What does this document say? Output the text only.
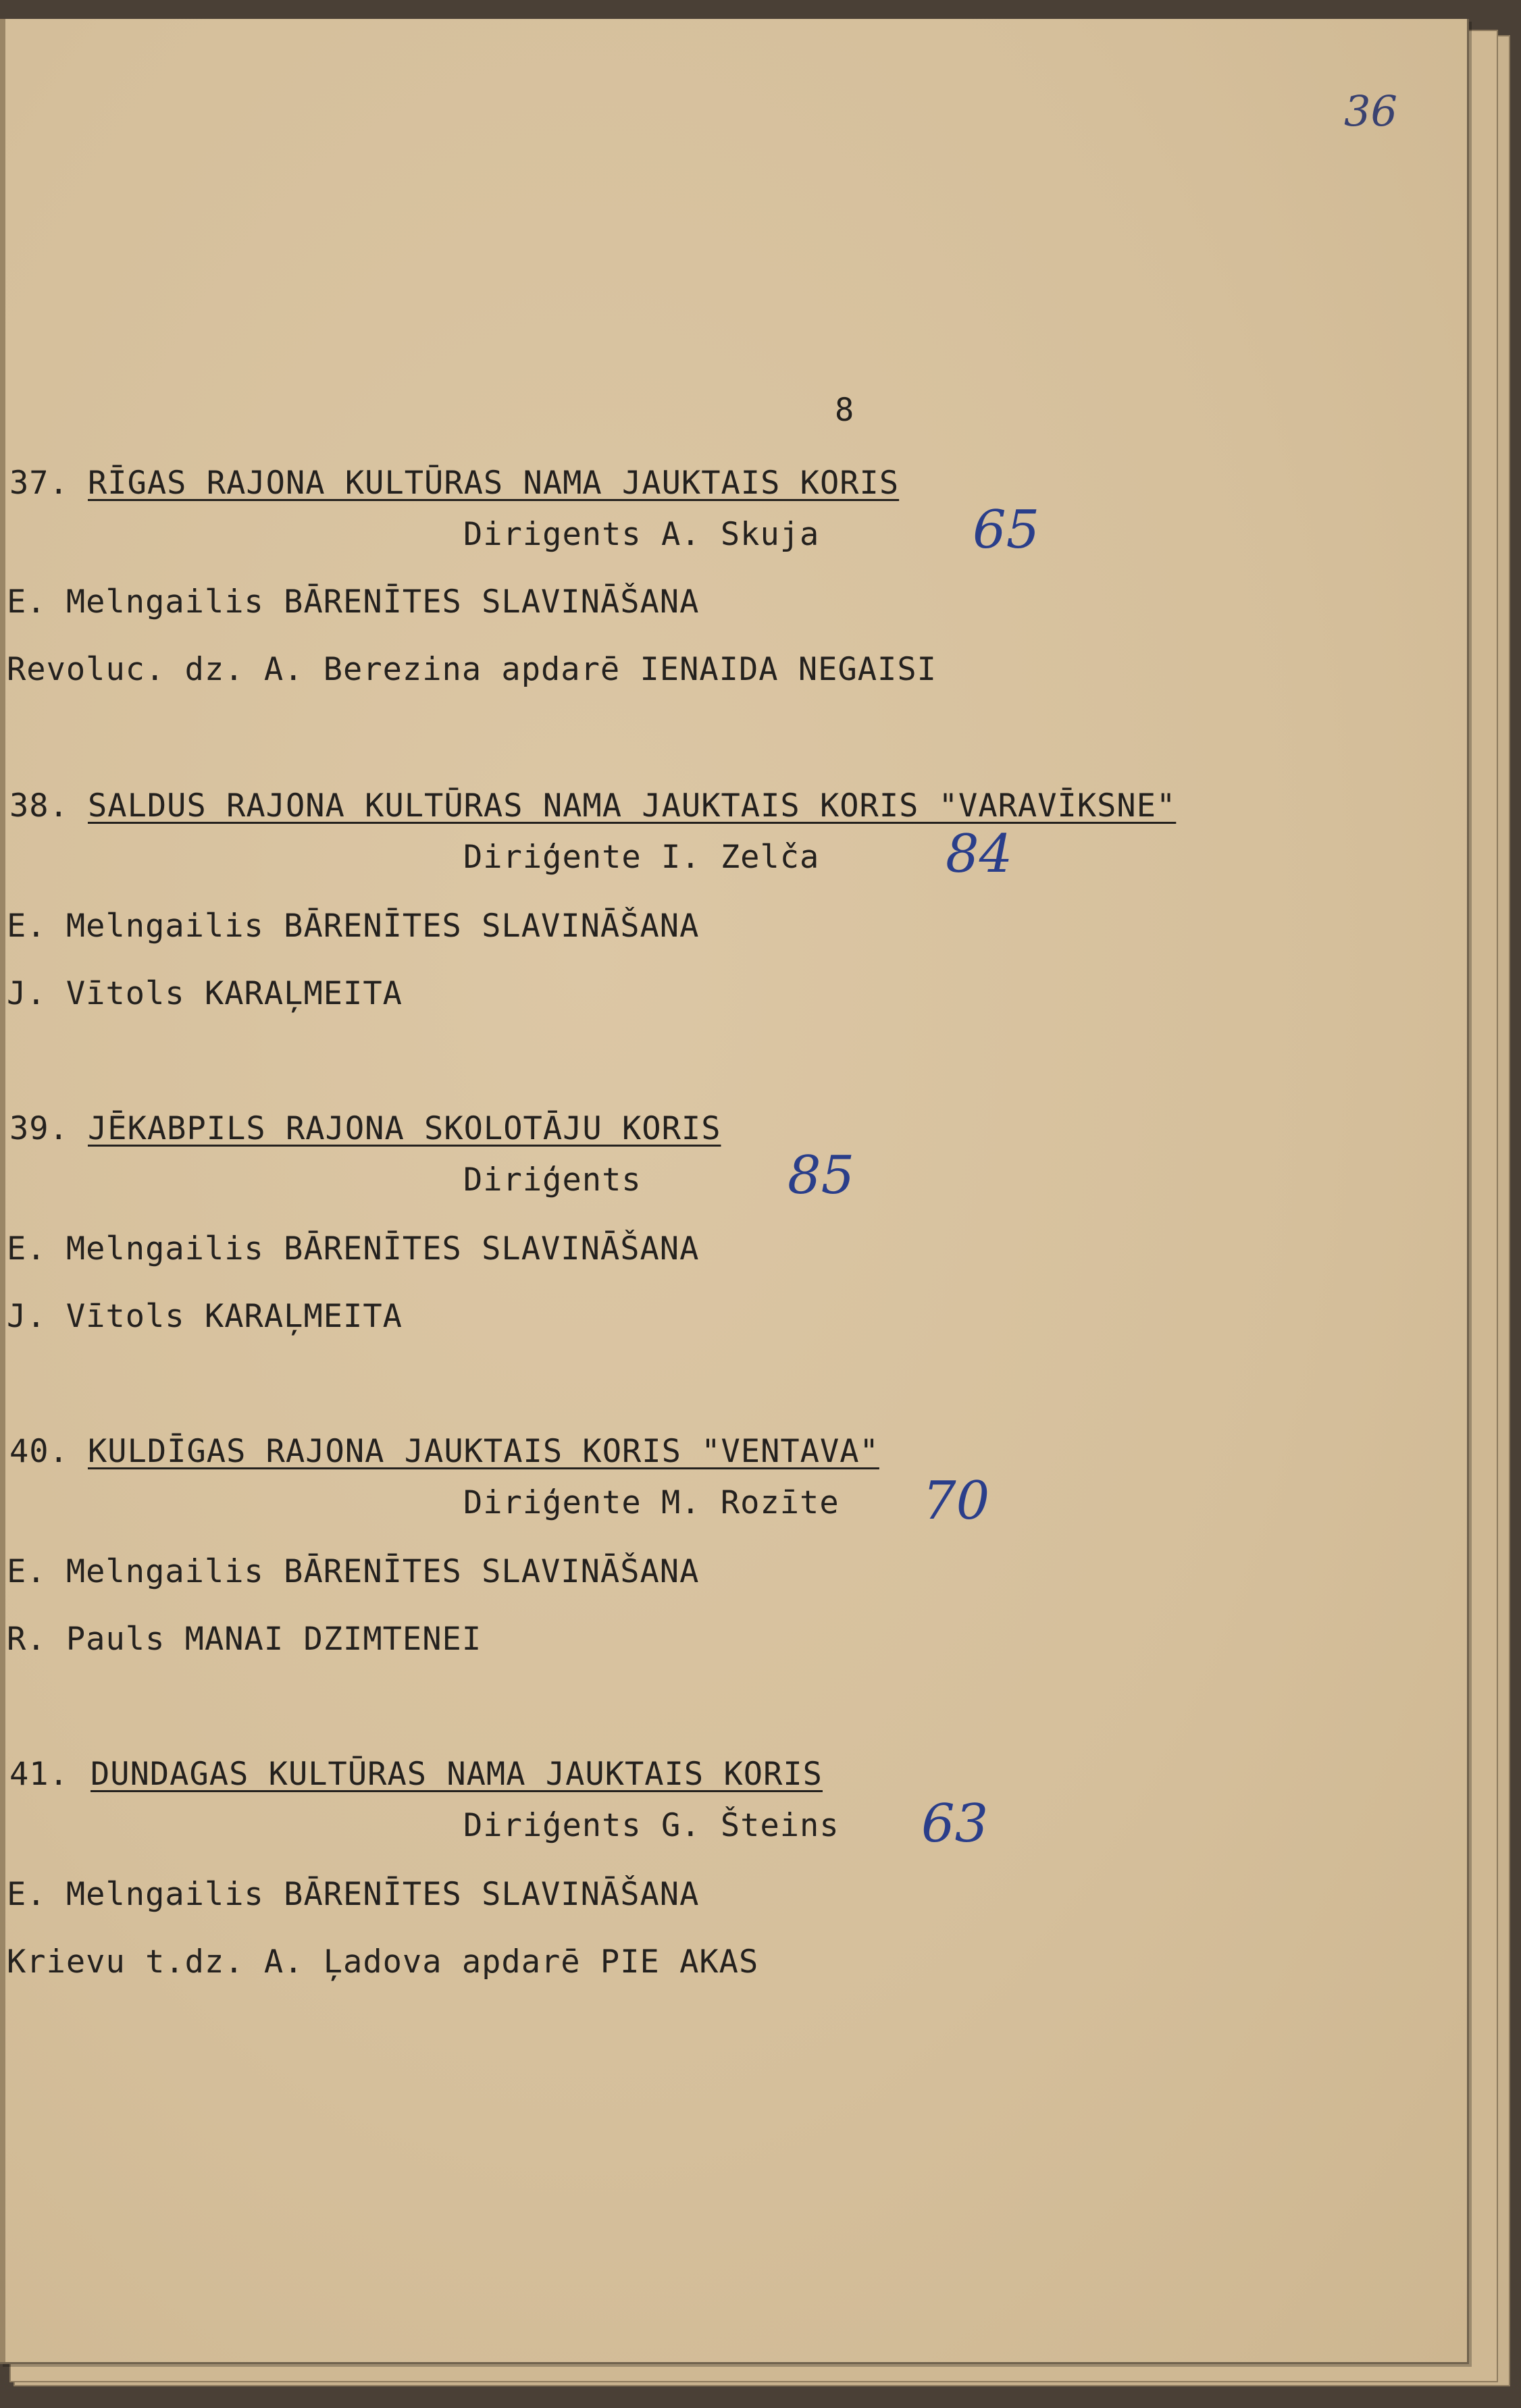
36
8
37. RĪGAS RAJONA KULTŪRAS NAMA JAUKTAIS KORIS
Dirigents A. Skuja	65
E. Melngailis BĀRENĪTES SLAVINĀŠANA
Revoluc. dz. A. Berezina apdarē IENAIDA NEGAISI
38. SALDUS RAJONA KULTŪRAS NAMA JAUKTAIS KORIS "VARAVĪKSNE"
Diriģente I. Zelča 84
E. Melngailis BĀRENĪTES SLAVINĀŠANA
J. Vītols KARAĻMEITA
39. JĒKABPILS RAJONA SKOLOTĀJU KORIS
Diriģents	85
E. Melngailis BĀRENĪTES SLAVINĀŠANA
J. Vītols KARAĻMEITA
40. KULDĪGAS RAJONA JAUKTAIS KORIS "VENTAVA"
Diriģente M. Rozīte 70
E. Melngailis BĀRENĪTES SLAVINĀŠANA
R. Pauls MANAI DZIMTENEI
41. DUNDAGAS KULTŪRAS NAMA JAUKTAIS KORIS
Diriģents G. Šteins 63
E. Melngailis BĀRENĪTES SLAVINĀŠANA
Krievu t.dz. A. Ļadova apdarē PIE AKAS
